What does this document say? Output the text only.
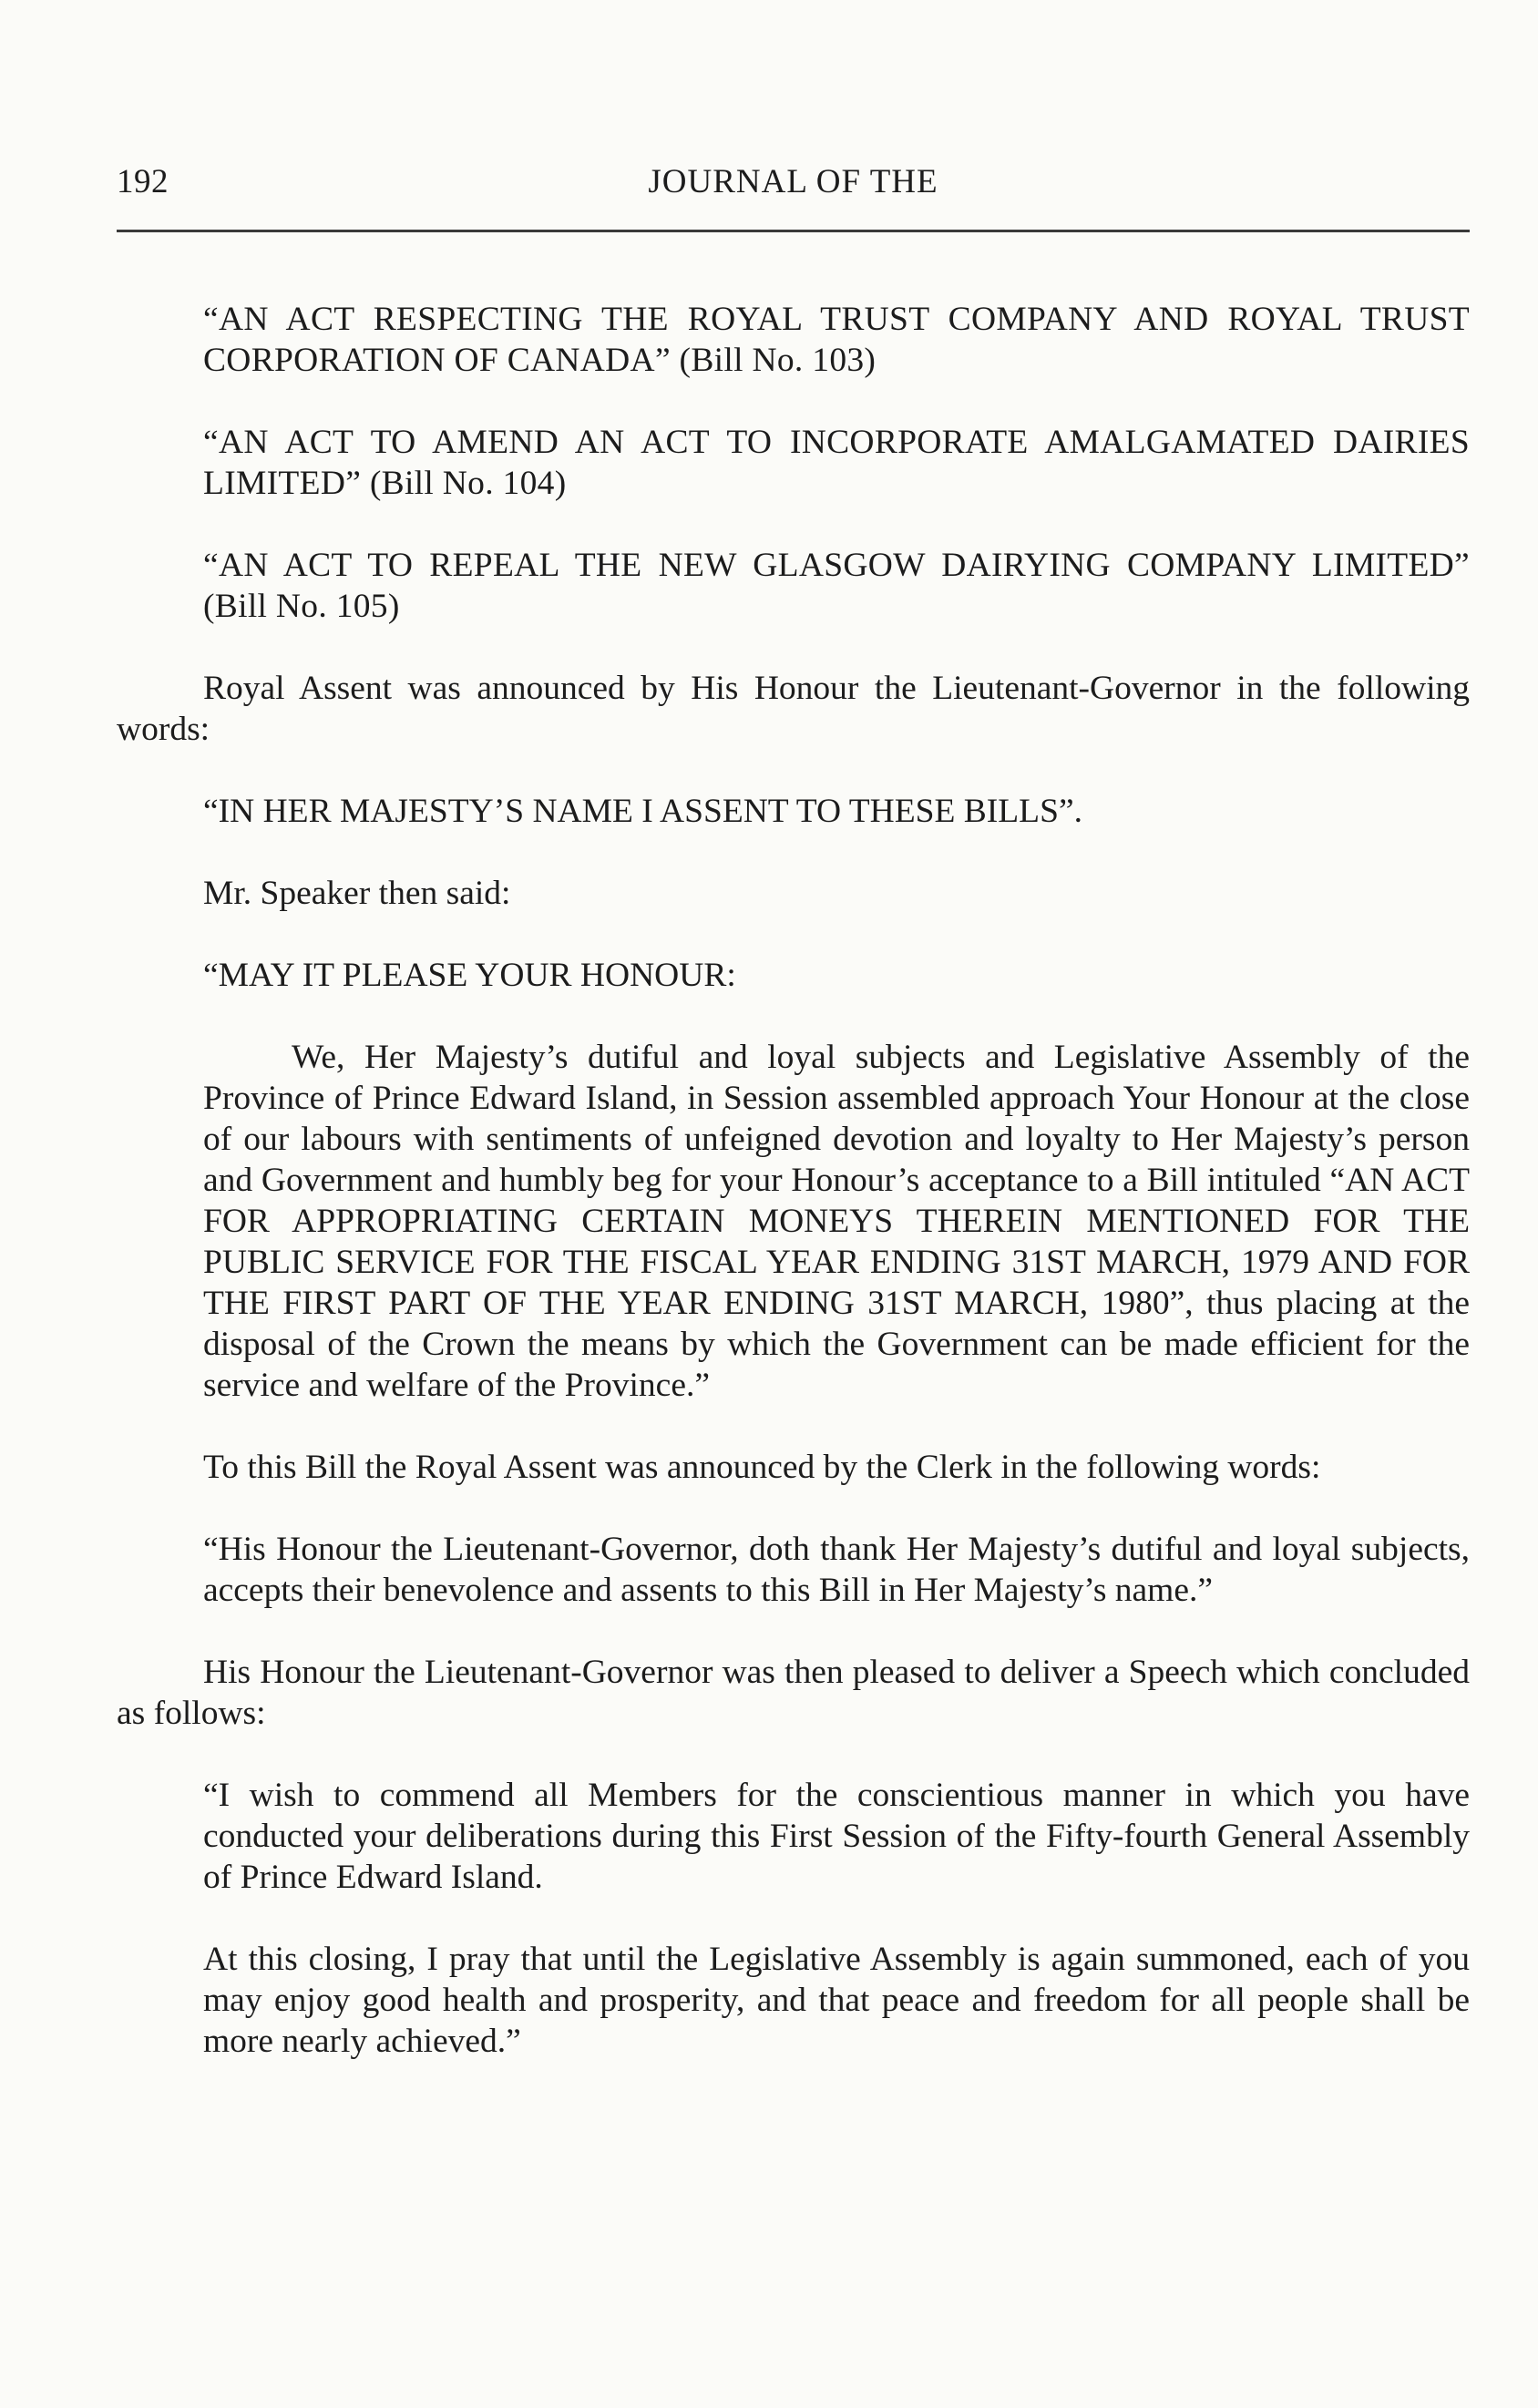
192	JOURNAL OF THE

“AN ACT RESPECTING THE ROYAL TRUST COMPANY AND ROYAL TRUST CORPORATION OF CANADA” (Bill No. 103)

“AN ACT TO AMEND AN ACT TO INCORPORATE AMALGAMATED DAIRIES LIMITED” (Bill No. 104)

“AN ACT TO REPEAL THE NEW GLASGOW DAIRYING COMPANY LIMITED” (Bill No. 105)

Royal Assent was announced by His Honour the Lieutenant-Governor in the following words:

“IN HER MAJESTY’S NAME I ASSENT TO THESE BILLS”.

Mr. Speaker then said:

“MAY IT PLEASE YOUR HONOUR:

We, Her Majesty’s dutiful and loyal subjects and Legislative Assembly of the Province of Prince Edward Island, in Session assembled approach Your Honour at the close of our labours with sentiments of unfeigned devotion and loyalty to Her Majesty’s person and Government and humbly beg for your Honour’s acceptance to a Bill intituled “AN ACT FOR APPROPRIATING CERTAIN MONEYS THEREIN MENTIONED FOR THE PUBLIC SERVICE FOR THE FISCAL YEAR ENDING 31ST MARCH, 1979 AND FOR THE FIRST PART OF THE YEAR ENDING 31ST MARCH, 1980”, thus placing at the disposal of the Crown the means by which the Government can be made efficient for the service and welfare of the Province.”

To this Bill the Royal Assent was announced by the Clerk in the following words:

“His Honour the Lieutenant-Governor, doth thank Her Majesty’s dutiful and loyal subjects, accepts their benevolence and assents to this Bill in Her Majesty’s name.”

His Honour the Lieutenant-Governor was then pleased to deliver a Speech which concluded as follows:

“I wish to commend all Members for the conscientious manner in which you have conducted your deliberations during this First Session of the Fifty-fourth General Assembly of Prince Edward Island.

At this closing, I pray that until the Legislative Assembly is again summoned, each of you may enjoy good health and prosperity, and that peace and freedom for all people shall be more nearly achieved.”
